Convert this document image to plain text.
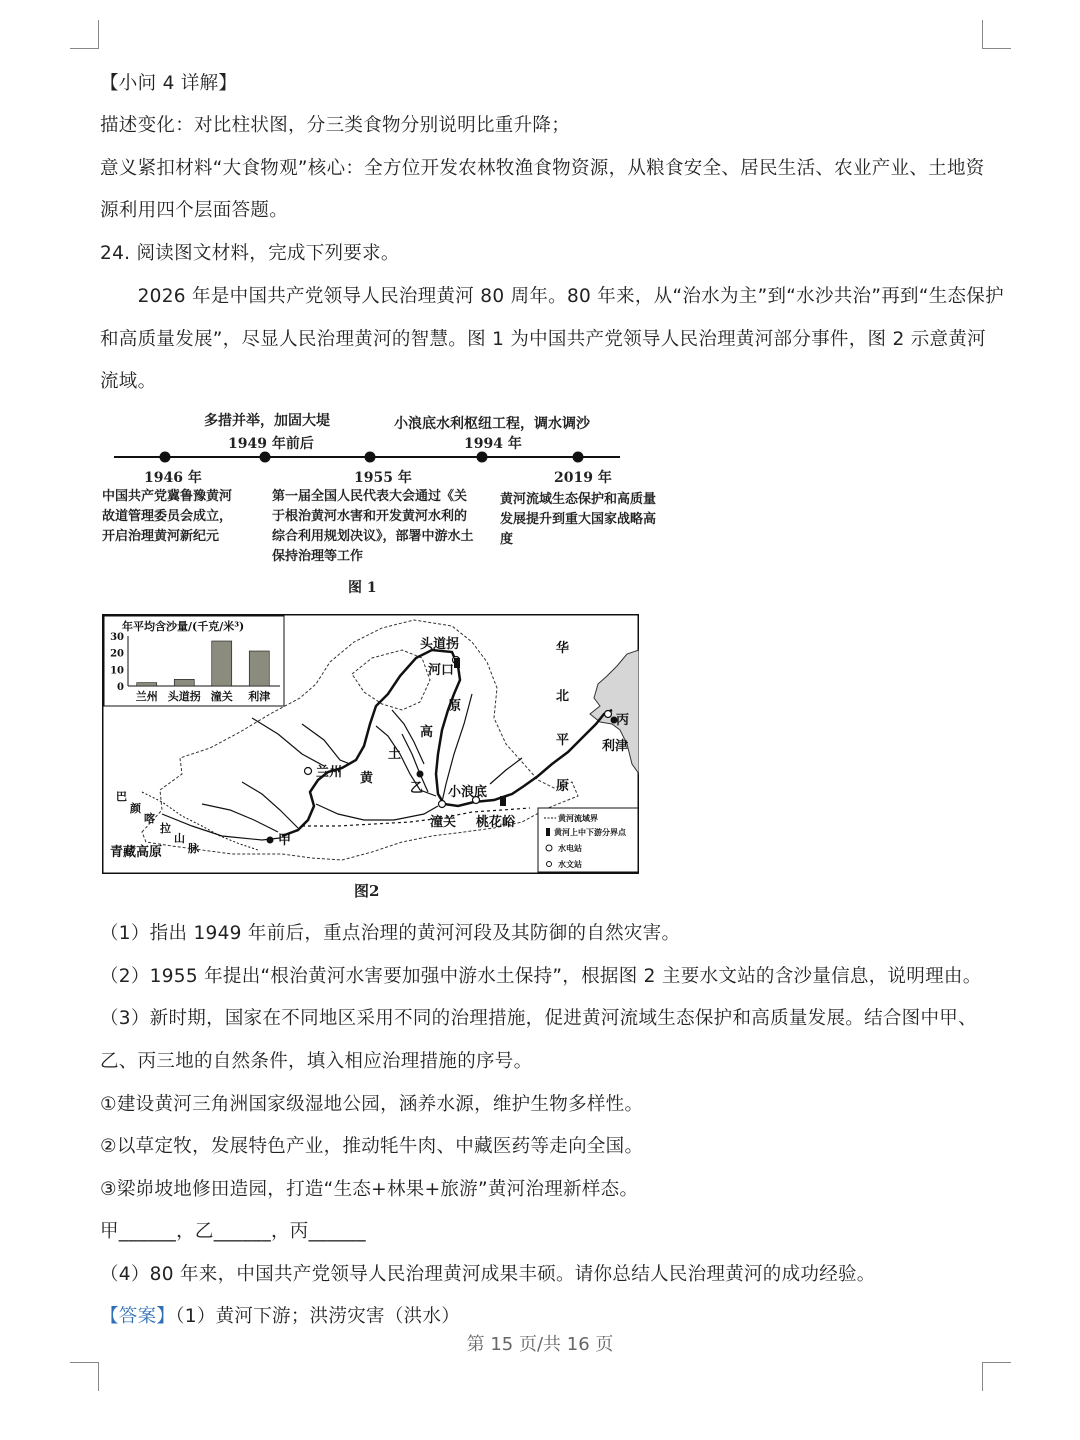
【小问 4 详解】
描述变化：对比柱状图，分三类食物分别说明比重升降；
意义紧扣材料“大食物观”核心：全方位开发农林牧渔食物资源，从粮食安全、居民生活、农业产业、土地资
源利用四个层面答题。
24. 阅读图文材料，完成下列要求。
　　2026 年是中国共产党领导人民治理黄河 80 周年。80 年来，从“治水为主”到“水沙共治”再到“生态保护
和高质量发展”，尽显人民治理黄河的智慧。图 1 为中国共产党领导人民治理黄河部分事件，图 2 示意黄河
流域。
多措并举，加固大堤
1949 年前后
小浪底水利枢纽工程，调水调沙
1994 年
1946 年	1955 年	2019 年
中国共产党冀鲁豫黄河故道管理委员会成立，开启治理黄河新纪元
第一届全国人民代表大会通过《关于根治黄河水害和开发黄河水利的综合利用规划决议》，部署中游水土保持治理等工作
黄河流域生态保护和高质量发展提升到重大国家战略高度
图 1
头道拐
河口
华
北
平
原
丙
利津
兰州 黄
土
高
原
乙 小浪底
潼关 桃花峪
甲
青藏高原
巴
颜
喀
拉
山
脉
黄河流域界
黄河上中下游分界点
水电站
水文站
年平均含沙量/(千克/米³)
0
10
20
30
兰州 头道拐 潼关 利津
图2
（1）指出 1949 年前后，重点治理的黄河河段及其防御的自然灾害。
（2）1955 年提出“根治黄河水害要加强中游水土保持”，根据图 2 主要水文站的含沙量信息，说明理由。
（3）新时期，国家在不同地区采用不同的治理措施，促进黄河流域生态保护和高质量发展。结合图中甲、
乙、丙三地的自然条件，填入相应治理措施的序号。
①建设黄河三角洲国家级湿地公园，涵养水源，维护生物多样性。
②以草定牧，发展特色产业，推动牦牛肉、中藏医药等走向全国。
③梁峁坡地修田造园，打造“生态+林果+旅游”黄河治理新样态。
甲______，乙______，丙______
（4）80 年来，中国共产党领导人民治理黄河成果丰硕。请你总结人民治理黄河的成功经验。
【答案】（1）黄河下游；洪涝灾害（洪水）
第 15 页/共 16 页
